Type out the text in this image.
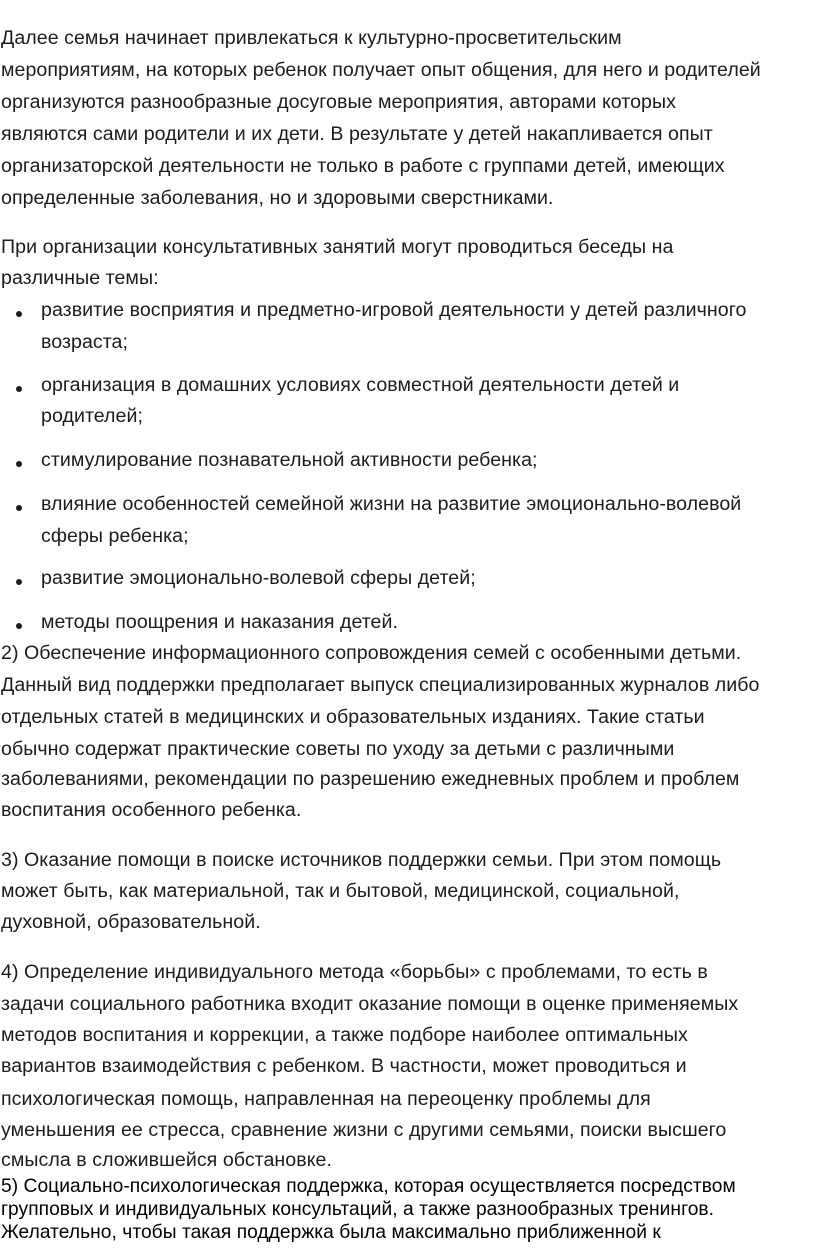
Далее семья начинает привлекаться к культурно-просветительским

мероприятиям, на которых ребенок получает опыт общения, для него и родителей

организуются разнообразные досуговые мероприятия, авторами которых

являются сами родители и их дети. В результате у детей накапливается опыт

организаторской деятельности не только в работе с группами детей, имеющих

определенные заболевания, но и здоровыми сверстниками.

При организации консультативных занятий могут проводиться беседы на

различные темы:

развитие восприятия и предметно-игровой деятельности у детей различного

возраста;

организация в домашних условиях совместной деятельности детей и

родителей;

стимулирование познавательной активности ребенка;

влияние особенностей семейной жизни на развитие эмоционально-волевой

сферы ребенка;

развитие эмоционально-волевой сферы детей;

методы поощрения и наказания детей.

2) Обеспечение информационного сопровождения семей с особенными детьми.

Данный вид поддержки предполагает выпуск специализированных журналов либо

отдельных статей в медицинских и образовательных изданиях. Такие статьи

обычно содержат практические советы по уходу за детьми с различными

заболеваниями, рекомендации по разрешению ежедневных проблем и проблем

воспитания особенного ребенка.

3) Оказание помощи в поиске источников поддержки семьи. При этом помощь

может быть, как материальной, так и бытовой, медицинской, социальной,

духовной, образовательной.

4) Определение индивидуального метода «борьбы» с проблемами, то есть в

задачи социального работника входит оказание помощи в оценке применяемых

методов воспитания и коррекции, а также подборе наиболее оптимальных

вариантов взаимодействия с ребенком. В частности, может проводиться и

психологическая помощь, направленная на переоценку проблемы для

уменьшения ее стресса, сравнение жизни с другими семьями, поиски высшего

смысла в сложившейся обстановке.

5) Социально-психологическая поддержка, которая осуществляется посредством

групповых и индивидуальных консультаций, а также разнообразных тренингов.

Желательно, чтобы такая поддержка была максимально приближенной к
